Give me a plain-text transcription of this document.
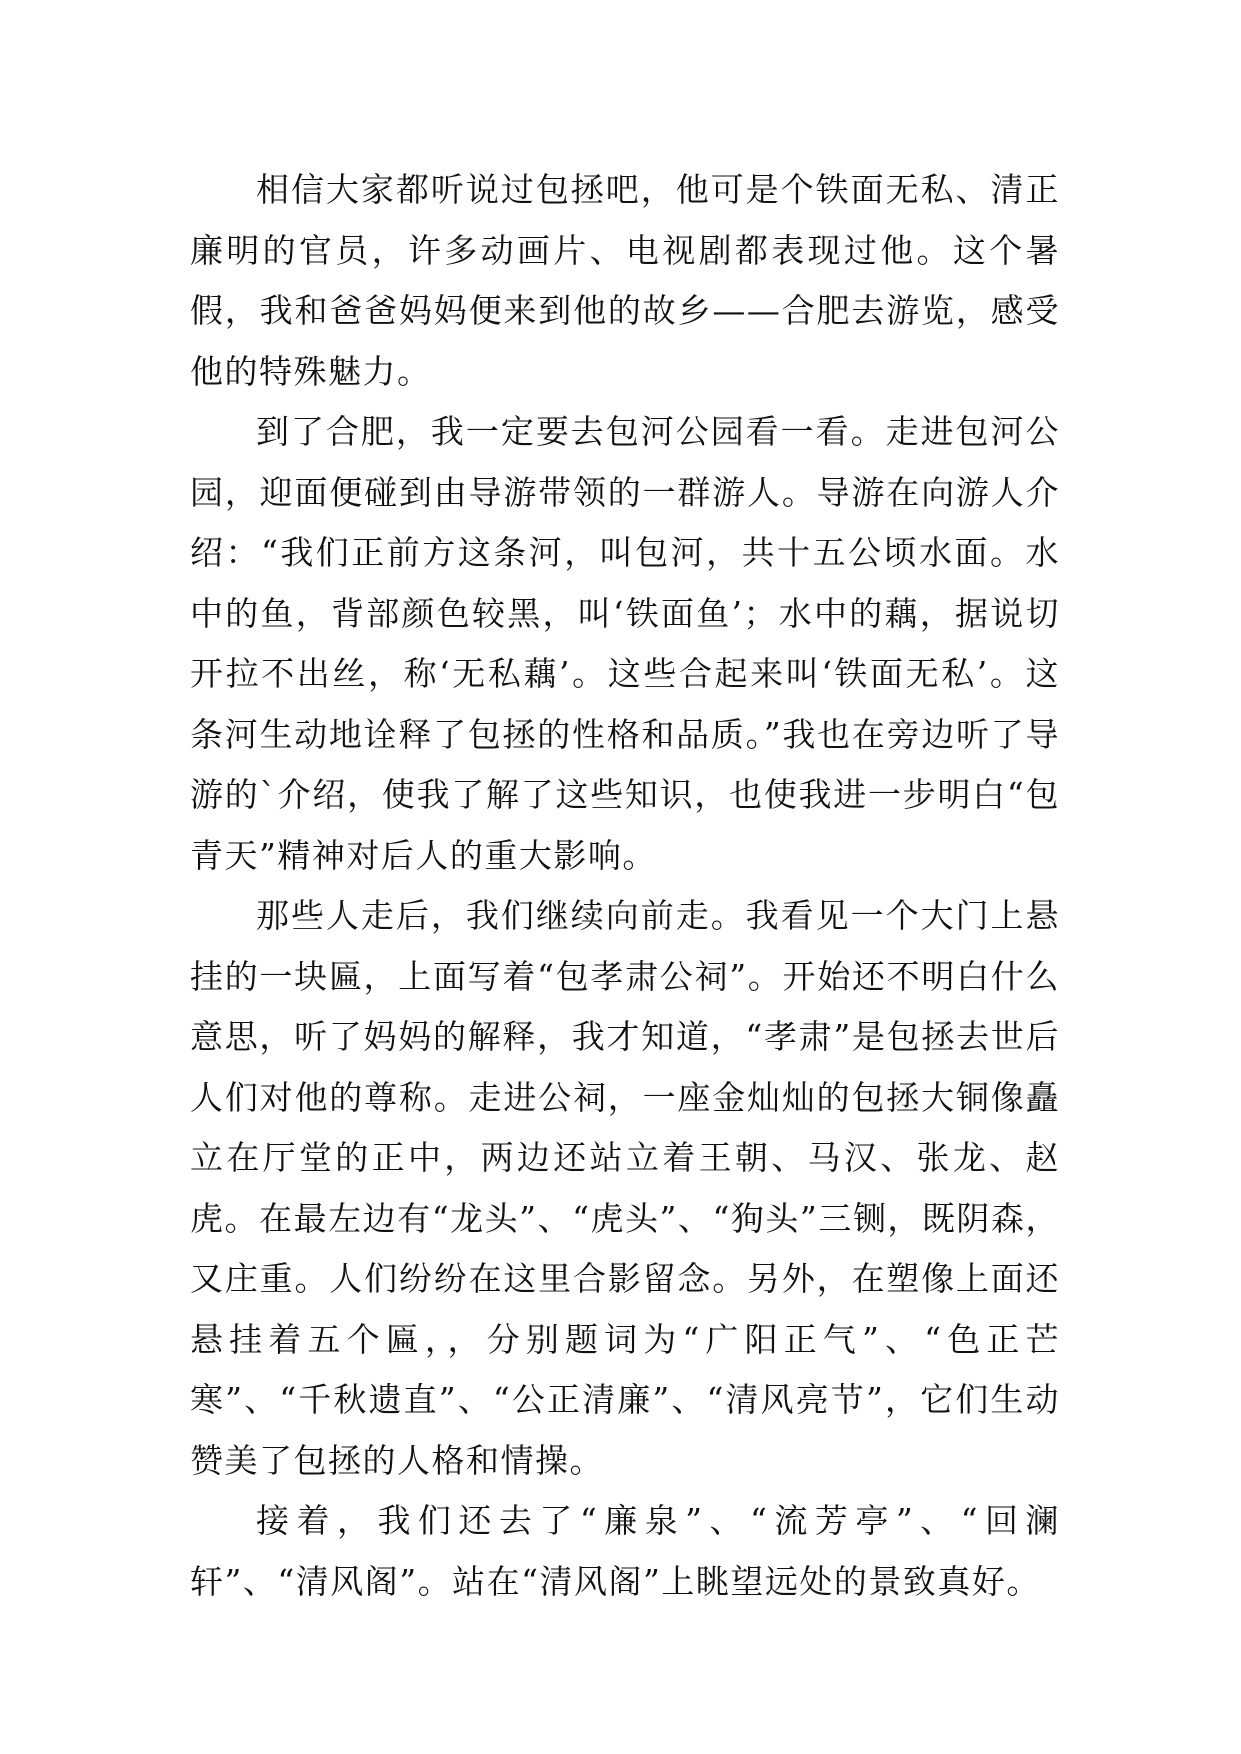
相信大家都听说过包拯吧，他可是个铁面无私、清正廉明的官员，许多动画片、电视剧都表现过他。这个暑假，我和爸爸妈妈便来到他的故乡——合肥去游览，感受他的特殊魅力。

到了合肥，我一定要去包河公园看一看。走进包河公园，迎面便碰到由导游带领的一群游人。导游在向游人介绍：“我们正前方这条河，叫包河，共十五公顷水面。水中的鱼，背部颜色较黑，叫‘铁面鱼’；水中的藕，据说切开拉不出丝，称‘无私藕’。这些合起来叫‘铁面无私’。这条河生动地诠释了包拯的性格和品质。”我也在旁边听了导游的`介绍，使我了解了这些知识，也使我进一步明白“包青天”精神对后人的重大影响。

那些人走后，我们继续向前走。我看见一个大门上悬挂的一块匾，上面写着“包孝肃公祠”。开始还不明白什么意思，听了妈妈的解释，我才知道，“孝肃”是包拯去世后人们对他的尊称。走进公祠，一座金灿灿的包拯大铜像矗立在厅堂的正中，两边还站立着王朝、马汉、张龙、赵虎。在最左边有“龙头”、“虎头”、“狗头”三铡，既阴森，又庄重。人们纷纷在这里合影留念。另外，在塑像上面还悬挂着五个匾，，分别题词为“广阳正气”、“色正芒寒”、“千秋遗直”、“公正清廉”、“清风亮节”，它们生动赞美了包拯的人格和情操。

接着，我们还去了“廉泉”、“流芳亭”、“回澜轩”、“清风阁”。站在“清风阁”上眺望远处的景致真好。
